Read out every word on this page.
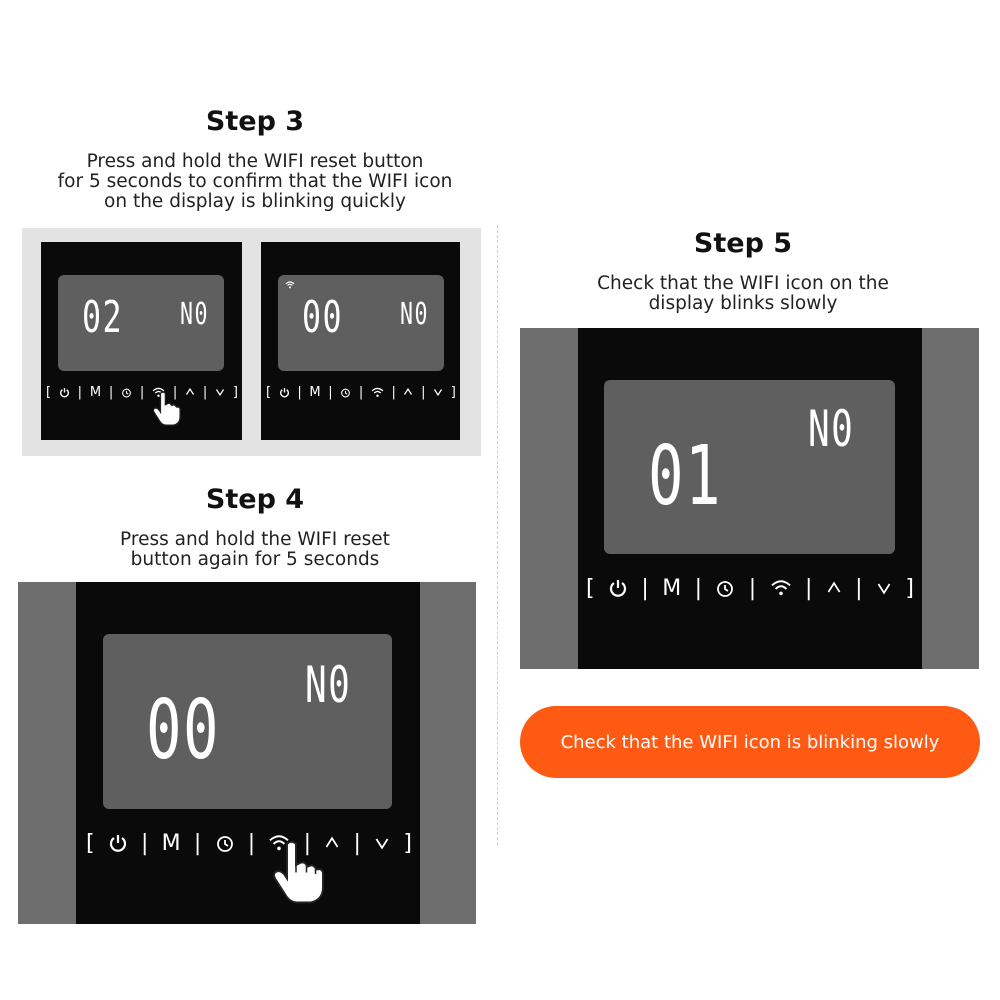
Step 3
Press and hold the WIFI reset button
for 5 seconds to confirm that the WIFI icon
on the display is blinking quickly
02 N0
[ | M | | | | ]
00 N0
[ | M | | | | ]
Step 4
Press and hold the WIFI reset
button again for 5 seconds
00 N0
[ | M | | | | ]
Step 5
Check that the WIFI icon on the
display blinks slowly
01 N0
[ | M | | | | ]
Check that the WIFI icon is blinking slowly
